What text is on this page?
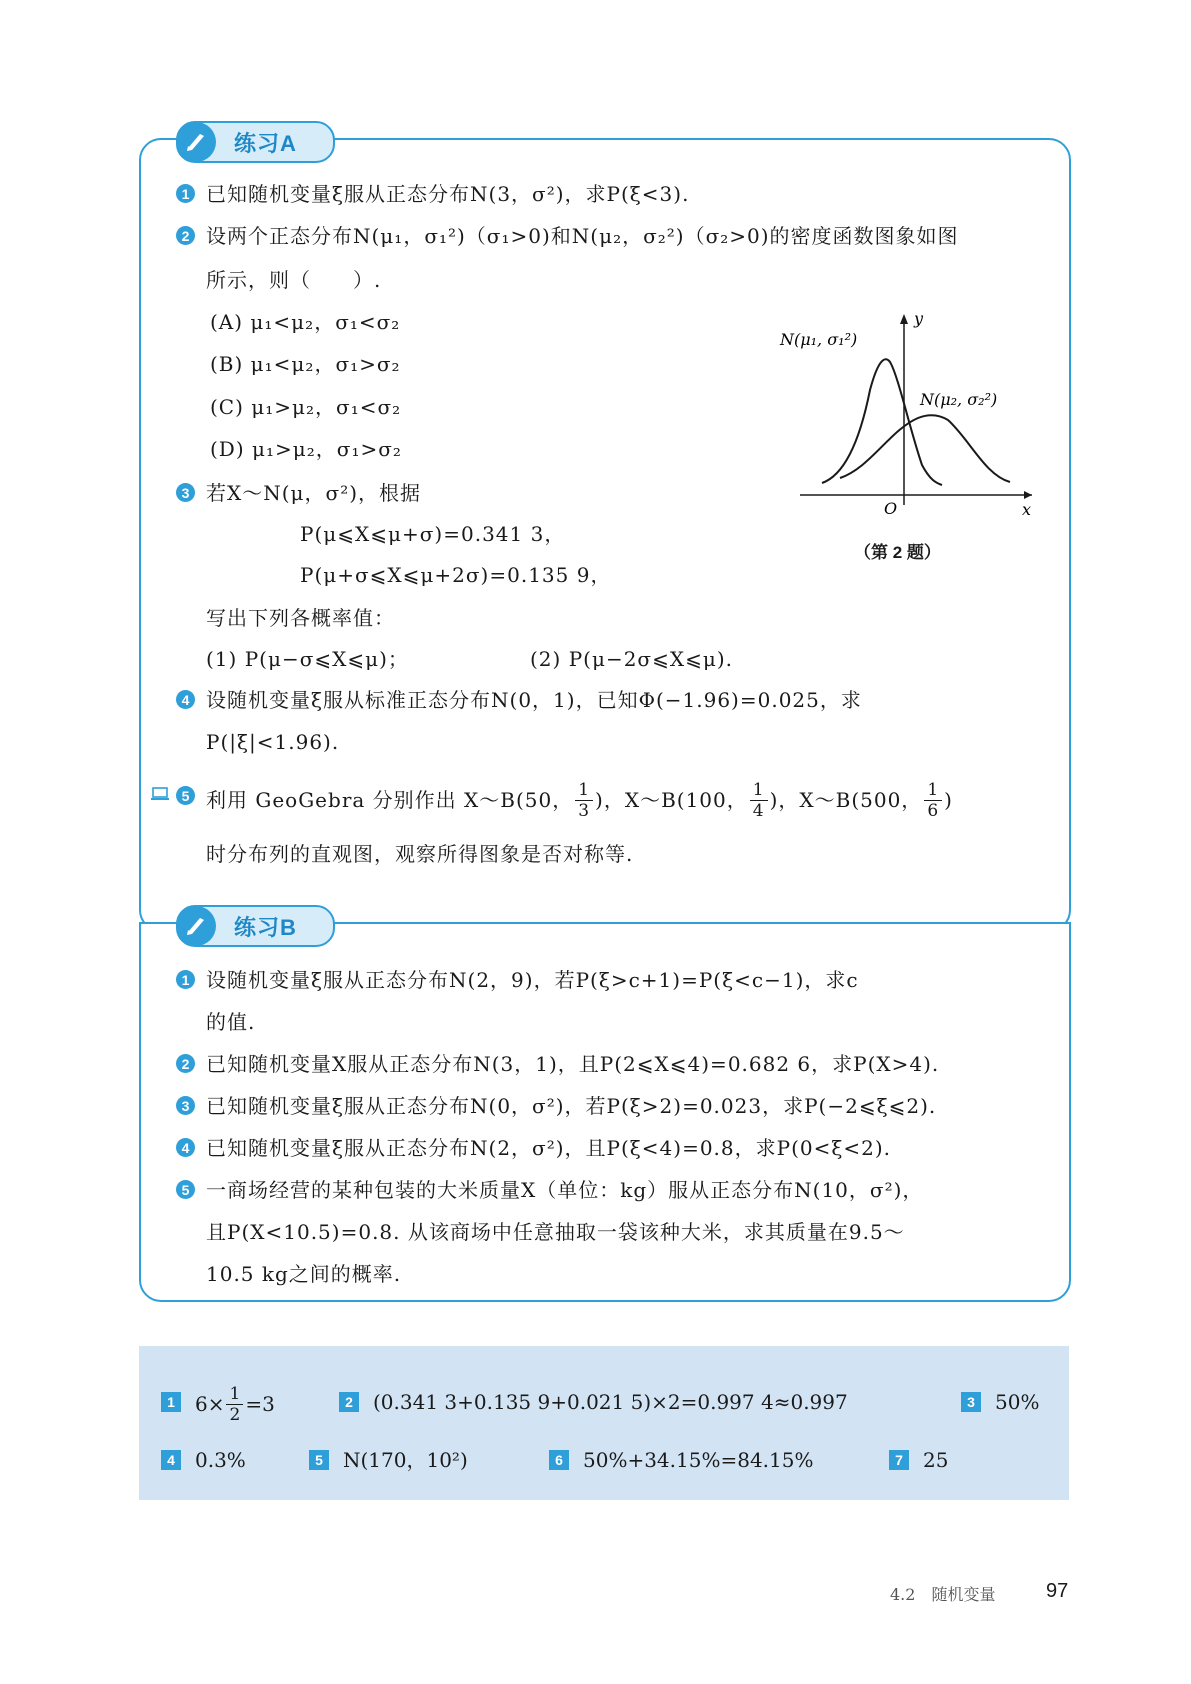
练习A
1 已知随机变量ξ服从正态分布N(3，σ²)，求P(ξ<3).
2 设两个正态分布N(μ₁，σ₁²)（σ₁>0)和N(μ₂，σ₂²)（σ₂>0)的密度函数图象如图
所示，则（　　）.
(A) μ₁<μ₂，σ₁<σ₂
(B) μ₁<μ₂，σ₁>σ₂
(C) μ₁>μ₂，σ₁<σ₂
(D) μ₁>μ₂，σ₁>σ₂
N(μ₁, σ₁²)
N(μ₂, σ₂²)
y
x
O
（第 2 题）
3 若X～N(μ，σ²)，根据
P(μ⩽X⩽μ+σ)=0.341 3，
P(μ+σ⩽X⩽μ+2σ)=0.135 9，
写出下列各概率值：
(1) P(μ−σ⩽X⩽μ)；	(2) P(μ−2σ⩽X⩽μ).
4 设随机变量ξ服从标准正态分布N(0，1)，已知Φ(−1.96)=0.025，求
P(|ξ|<1.96).
5 利用 GeoGebra 分别作出 X～B(50， $\frac{1}{3}$ )，X～B(100， $\frac{1}{4}$ )，X～B(500， $\frac{1}{6}$ )
时分布列的直观图，观察所得图象是否对称等.
练习B
1 设随机变量ξ服从正态分布N(2，9)，若P(ξ>c+1)=P(ξ<c−1)，求c
的值.
2 已知随机变量X服从正态分布N(3，1)，且P(2⩽X⩽4)=0.682 6，求P(X>4).
3 已知随机变量ξ服从正态分布N(0，σ²)，若P(ξ>2)=0.023，求P(−2⩽ξ⩽2).
4 已知随机变量ξ服从正态分布N(2，σ²)，且P(ξ<4)=0.8，求P(0<ξ<2).
5 一商场经营的某种包装的大米质量X（单位：kg）服从正态分布N(10，σ²)，
且P(X<10.5)=0.8. 从该商场中任意抽取一袋该种大米，求其质量在9.5～
10.5 kg之间的概率.
1	$6\times \frac{1}{2} =3$	2	(0.341 3+0.135 9+0.021 5)×2=0.997 4≈0.997	3	50%
4	0.3%	5	N(170，10²)	6	50%+34.15%=84.15%	7	25
4.2　随机变量	97
